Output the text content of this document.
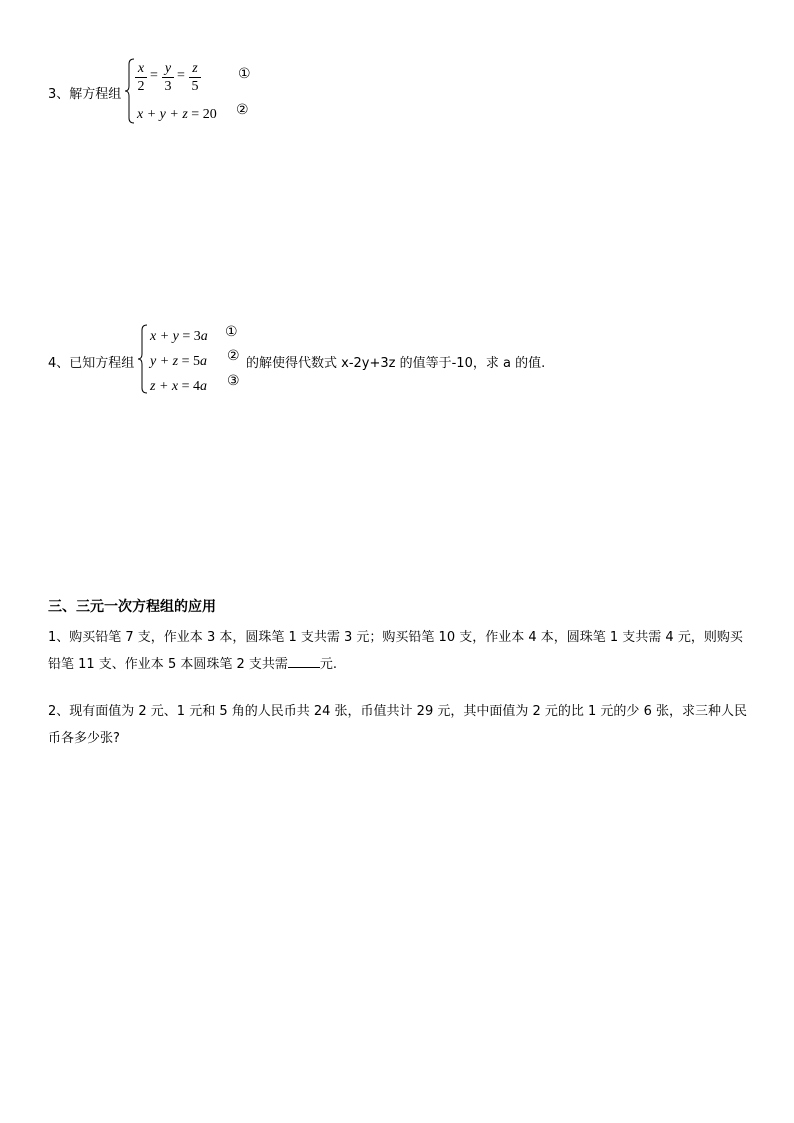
3、解方程组
x
2
= y
3
= z
5
①
x + y + z = 20 ②
4、已知方程组
x + y = 3a ①
y + z = 5a ② 的解使得代数式 x-2y+3z 的值等于-10，求 a 的值.
z + x = 4a ③
三、三元一次方程组的应用
1、购买铅笔 7 支，作业本 3 本，圆珠笔 1 支共需 3 元；购买铅笔 10 支，作业本 4 本，圆珠笔 1 支共需 4 元，则购买铅笔 11 支、作业本 5 本圆珠笔 2 支共需 元.
2、现有面值为 2 元、1 元和 5 角的人民币共 24 张，币值共计 29 元，其中面值为 2 元的比 1 元的少 6 张，求三种人民币各多少张?
